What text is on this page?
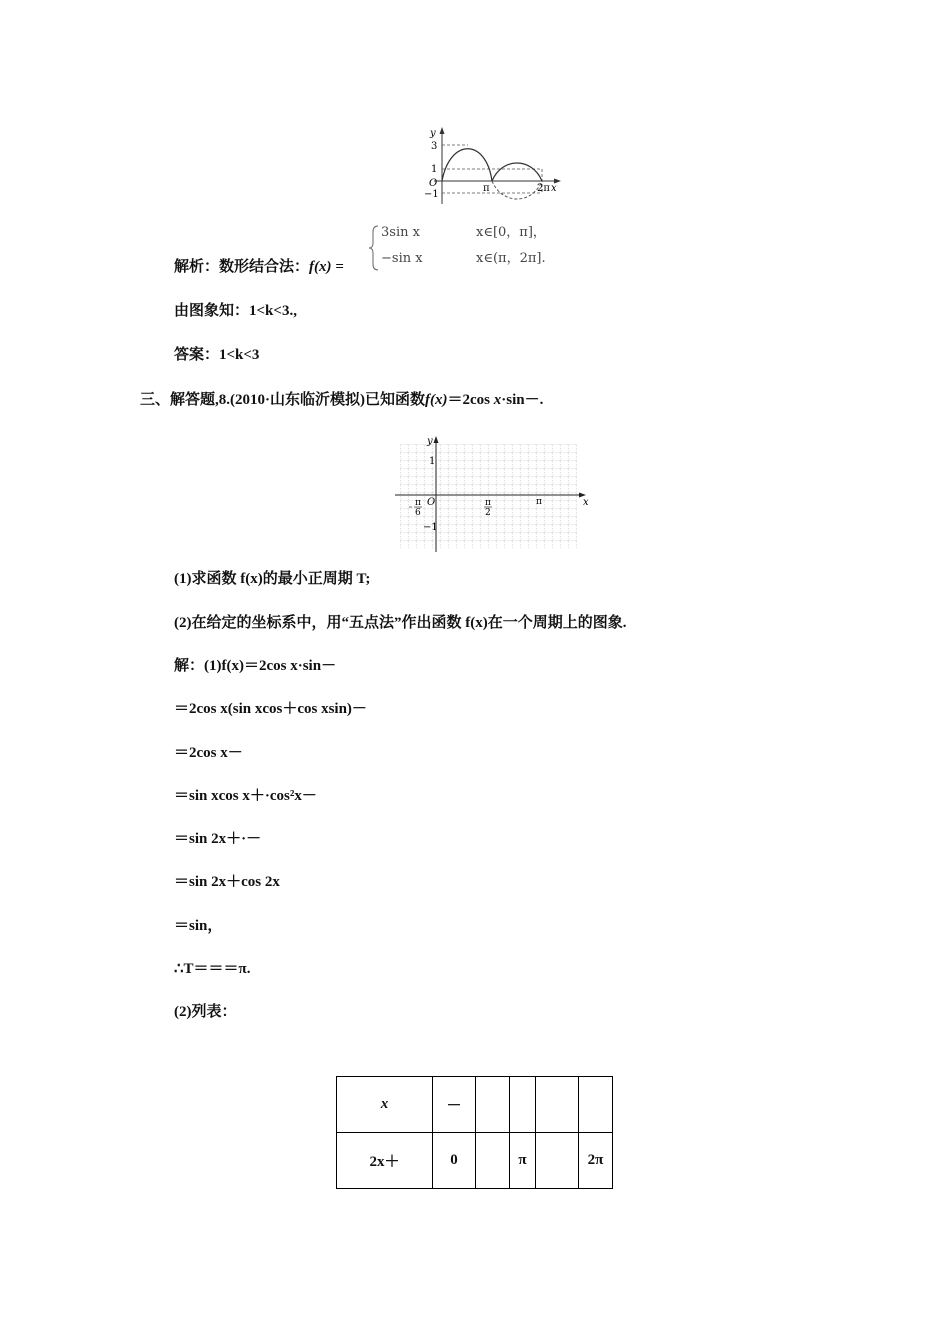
y
3
1
O
−1
π	2π x
解析：数形结合法：f(x) =
3sin x	x∈[0，π]，
−sin x	x∈(π，2π].
由图象知：1<k<3.,
答案：1<k<3
三、解答题,8.(2010·山东临沂模拟)已知函数f(x)＝2cos x·sin－.
y
x
1
O
−1
π
6
π
2
π
(1)求函数 f(x)的最小正周期 T;
(2)在给定的坐标系中，用“五点法”作出函数 f(x)在一个周期上的图象.
解：(1)f(x)＝2cos x·sin－
＝2cos x(sin xcos＋cos xsin)－
＝2cos x－
＝sin xcos x＋·cos²x－
＝sin 2x＋·－
＝sin 2x＋cos 2x
＝sin，
∴T＝＝＝π.
(2)列表：
x	－				
2x＋	0		π		2π
